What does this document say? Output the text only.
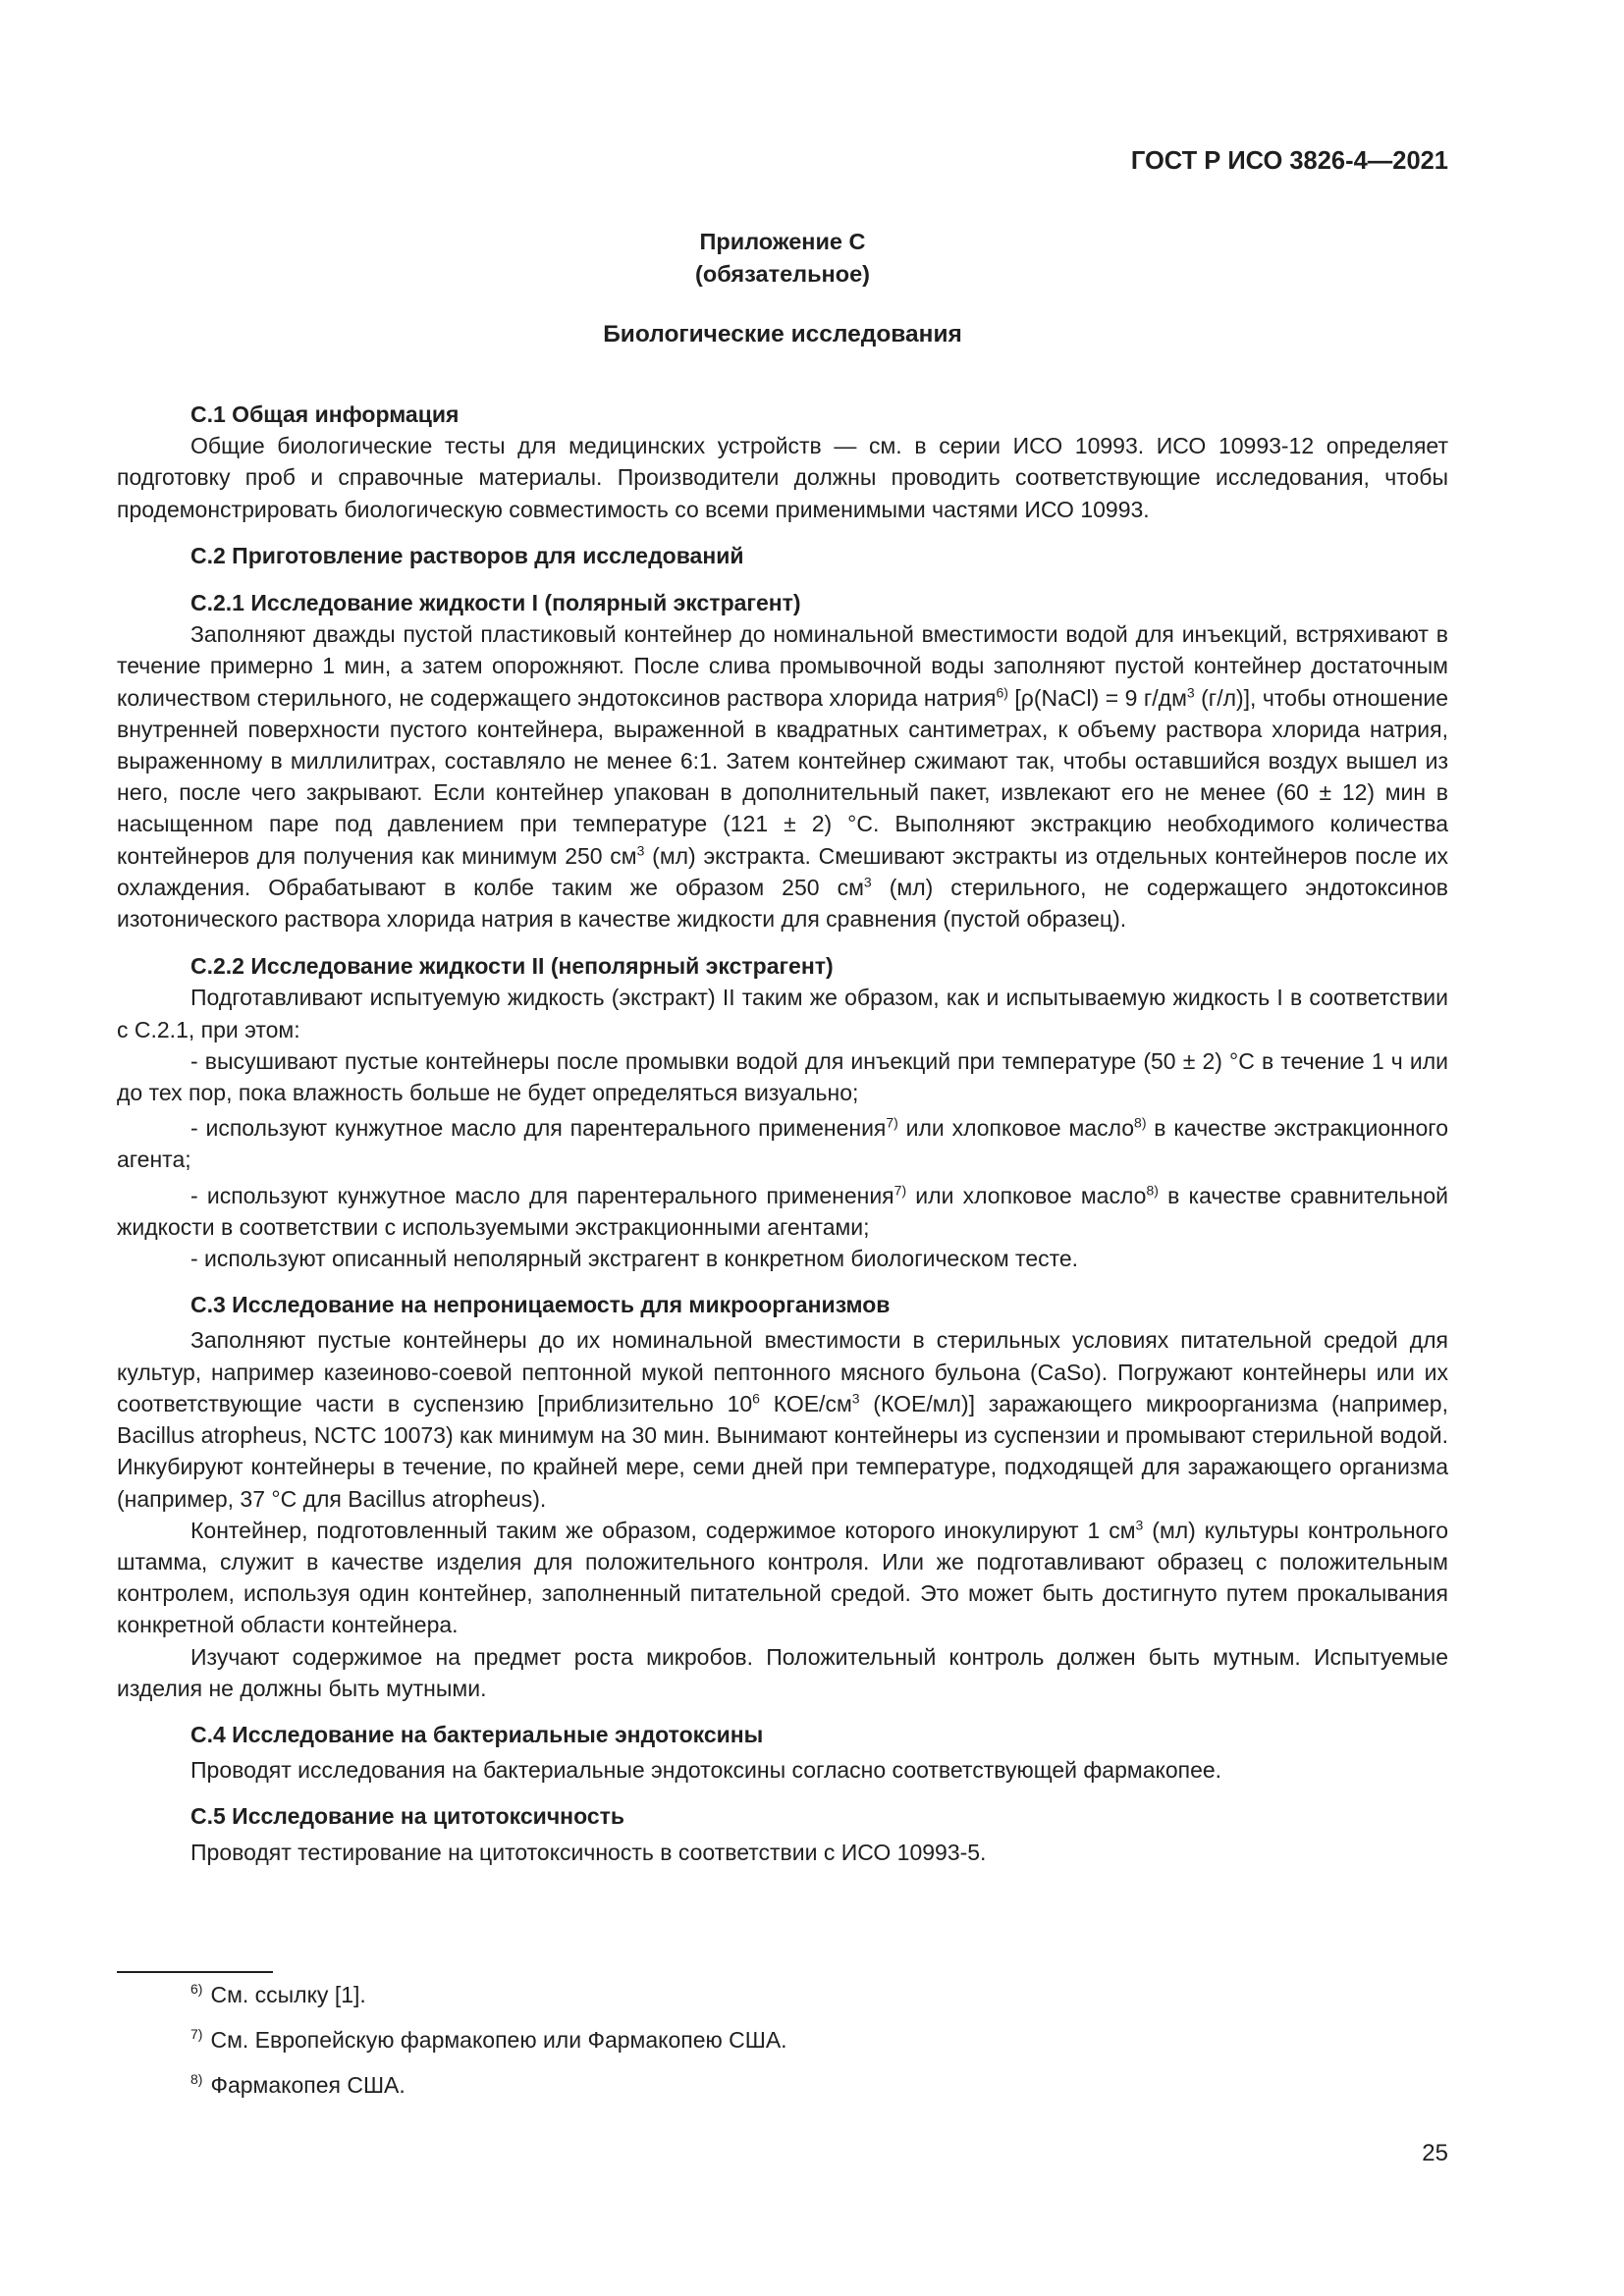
ГОСТ Р ИСО 3826-4—2021
Приложение С
(обязательное)
Биологические исследования
С.1 Общая информация

Общие биологические тесты для медицинских устройств — см. в серии ИСО 10993. ИСО 10993-12 определяет подготовку проб и справочные материалы. Производители должны проводить соответствующие исследования, чтобы продемонстрировать биологическую совместимость со всеми применимыми частями ИСО 10993.

С.2 Приготовление растворов для исследований
С.2.1 Исследование жидкости I (полярный экстрагент)

Заполняют дважды пустой пластиковый контейнер до номинальной вместимости водой для инъекций, встряхивают в течение примерно 1 мин, а затем опорожняют. После слива промывочной воды заполняют пустой контейнер достаточным количеством стерильного, не содержащего эндотоксинов раствора хлорида натрия$^{6)}$ [ρ(NaCl) = 9 $г/дм^3$ (г/л)], чтобы отношение внутренней поверхности пустого контейнера, выраженной в квадратных сантиметрах, к объему раствора хлорида натрия, выраженному в миллилитрах, составляло не менее 6:1. Затем контейнер сжимают так, чтобы оставшийся воздух вышел из него, после чего закрывают. Если контейнер упакован в дополнительный пакет, извлекают его не менее (60 ± 12) мин в насыщенном паре под давлением при температуре (121 ± 2) °С. Выполняют экстракцию необходимого количества контейнеров для получения как минимум 250 $см^3$ (мл) экстракта. Смешивают экстракты из отдельных контейнеров после их охлаждения. Обрабатывают в колбе таким же образом 250 $см^3$ (мл) стерильного, не содержащего эндотоксинов изотонического раствора хлорида натрия в качестве жидкости для сравнения (пустой образец).

С.2.2 Исследование жидкости II (неполярный экстрагент)

Подготавливают испытуемую жидкость (экстракт) II таким же образом, как и испытываемую жидкость I в соответствии с С.2.1, при этом:

- высушивают пустые контейнеры после промывки водой для инъекций при температуре (50 ± 2) °С в течение 1 ч или до тех пор, пока влажность больше не будет определяться визуально;

- используют кунжутное масло для парентерального применения$^{7)}$ или хлопковое масло$^{8)}$ в качестве экстракционного агента;

- используют кунжутное масло для парентерального применения$^{7)}$ или хлопковое масло$^{8)}$ в качестве сравнительной жидкости в соответствии с используемыми экстракционными агентами;

- используют описанный неполярный экстрагент в конкретном биологическом тесте.

С.3 Исследование на непроницаемость для микроорганизмов

Заполняют пустые контейнеры до их номинальной вместимости в стерильных условиях питательной средой для культур, например казеиново-соевой пептонной мукой пептонного мясного бульона (CaSo). Погружают контейнеры или их соответствующие части в суспензию [приблизительно $10^6$ КОЕ/$см^3$ (КОЕ/мл)] заражающего микроорганизма (например, Bacillus atropheus, NCTC 10073) как минимум на 30 мин. Вынимают контейнеры из суспензии и промывают стерильной водой. Инкубируют контейнеры в течение, по крайней мере, семи дней при температуре, подходящей для заражающего организма (например, 37 °С для Bacillus atropheus).

Контейнер, подготовленный таким же образом, содержимое которого инокулируют 1 $см^3$ (мл) культуры контрольного штамма, служит в качестве изделия для положительного контроля. Или же подготавливают образец с положительным контролем, используя один контейнер, заполненный питательной средой. Это может быть достигнуто путем прокалывания конкретной области контейнера.

Изучают содержимое на предмет роста микробов. Положительный контроль должен быть мутным. Испытуемые изделия не должны быть мутными.

С.4 Исследование на бактериальные эндотоксины

Проводят исследования на бактериальные эндотоксины согласно соответствующей фармакопее.

С.5 Исследование на цитотоксичность

Проводят тестирование на цитотоксичность в соответствии с ИСО 10993-5.

$^{6)}$ См. ссылку [1].
$^{7)}$ См. Европейскую фармакопею или Фармакопею США.
$^{8)}$ Фармакопея США.
25
